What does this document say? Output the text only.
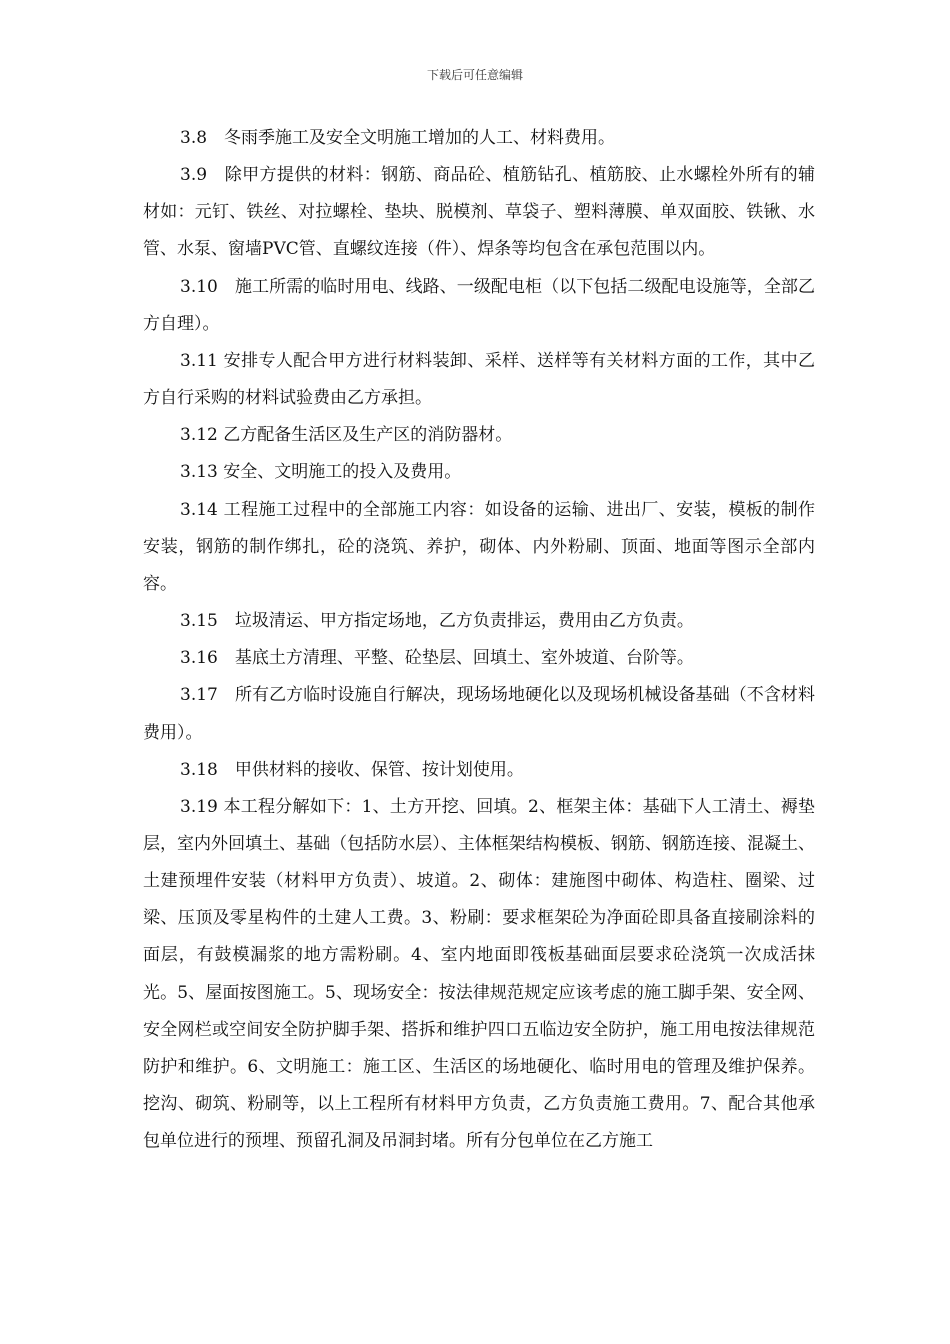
下载后可任意编辑

3.8　冬雨季施工及安全文明施工增加的人工、材料费用。

3.9　除甲方提供的材料：钢筋、商品砼、植筋钻孔、植筋胶、止水螺栓外所有的辅材如：元钉、铁丝、对拉螺栓、垫块、脱模剂、草袋子、塑料薄膜、单双面胶、铁锹、水管、水泵、窗墙PVC管、直螺纹连接（件）、焊条等均包含在承包范围以内。

3.10　施工所需的临时用电、线路、一级配电柜（以下包括二级配电设施等，全部乙方自理）。

3.11 安排专人配合甲方进行材料装卸、采样、送样等有关材料方面的工作，其中乙方自行采购的材料试验费由乙方承担。

3.12 乙方配备生活区及生产区的消防器材。

3.13 安全、文明施工的投入及费用。

3.14 工程施工过程中的全部施工内容：如设备的运输、进出厂、安装，模板的制作安装，钢筋的制作绑扎，砼的浇筑、养护，砌体、内外粉刷、顶面、地面等图示全部内容。

3.15　垃圾清运、甲方指定场地，乙方负责排运，费用由乙方负责。

3.16　基底土方清理、平整、砼垫层、回填土、室外坡道、台阶等。

3.17　所有乙方临时设施自行解决，现场场地硬化以及现场机械设备基础（不含材料费用）。

3.18　甲供材料的接收、保管、按计划使用。

3.19 本工程分解如下：1、土方开挖、回填。2、框架主体：基础下人工清土、褥垫层，室内外回填土、基础（包括防水层）、主体框架结构模板、钢筋、钢筋连接、混凝土、土建预埋件安装（材料甲方负责）、坡道。2、砌体：建施图中砌体、构造柱、圈梁、过梁、压顶及零星构件的土建人工费。3、粉刷：要求框架砼为净面砼即具备直接刷涂料的面层，有鼓模漏浆的地方需粉刷。4、室内地面即筏板基础面层要求砼浇筑一次成活抹光。5、屋面按图施工。5、现场安全：按法律规范规定应该考虑的施工脚手架、安全网、安全网栏或空间安全防护脚手架、搭拆和维护四口五临边安全防护，施工用电按法律规范防护和维护。6、文明施工：施工区、生活区的场地硬化、临时用电的管理及维护保养。挖沟、砌筑、粉刷等，以上工程所有材料甲方负责，乙方负责施工费用。7、配合其他承包单位进行的预埋、预留孔洞及吊洞封堵。所有分包单位在乙方施工
